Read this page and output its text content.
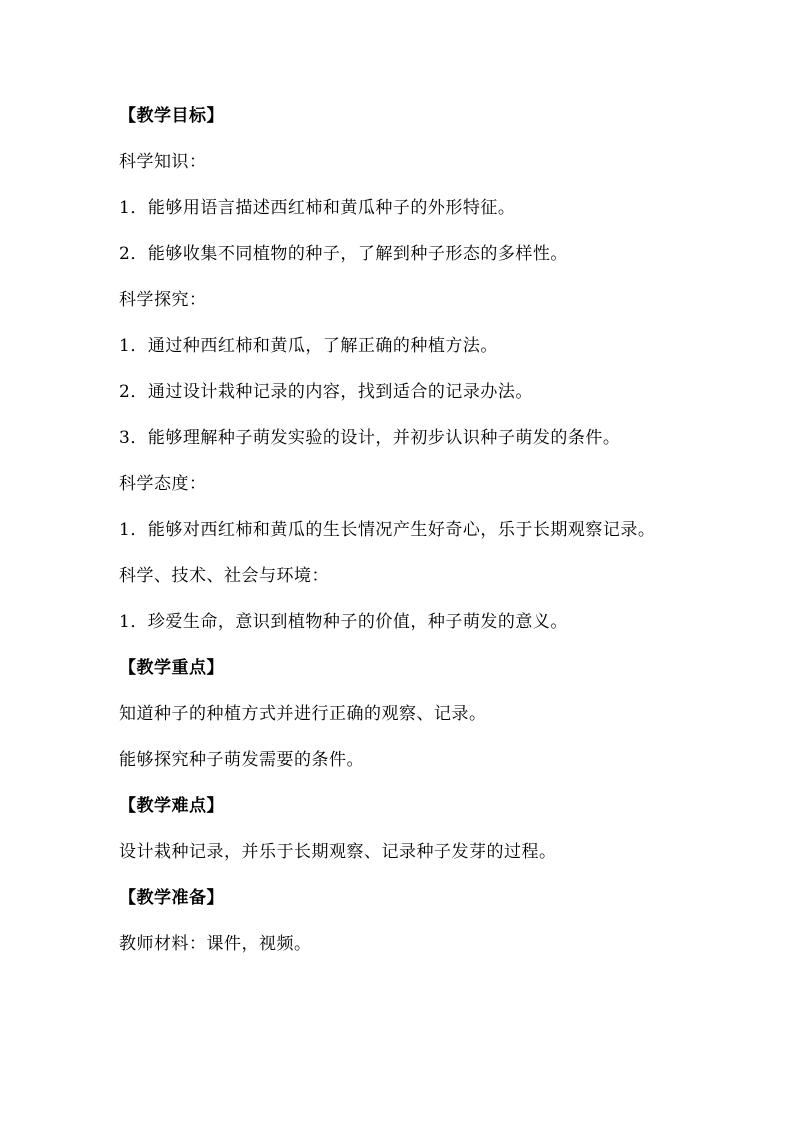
【教学目标】
科学知识：
1．能够用语言描述西红柿和黄瓜种子的外形特征。
2．能够收集不同植物的种子，了解到种子形态的多样性。
科学探究：
1．通过种西红柿和黄瓜，了解正确的种植方法。
2．通过设计栽种记录的内容，找到适合的记录办法。
3．能够理解种子萌发实验的设计，并初步认识种子萌发的条件。
科学态度：
1．能够对西红柿和黄瓜的生长情况产生好奇心，乐于长期观察记录。
科学、技术、社会与环境：
1．珍爱生命，意识到植物种子的价值，种子萌发的意义。
【教学重点】
知道种子的种植方式并进行正确的观察、记录。
能够探究种子萌发需要的条件。
【教学难点】
设计栽种记录，并乐于长期观察、记录种子发芽的过程。
【教学准备】
教师材料：课件，视频。
